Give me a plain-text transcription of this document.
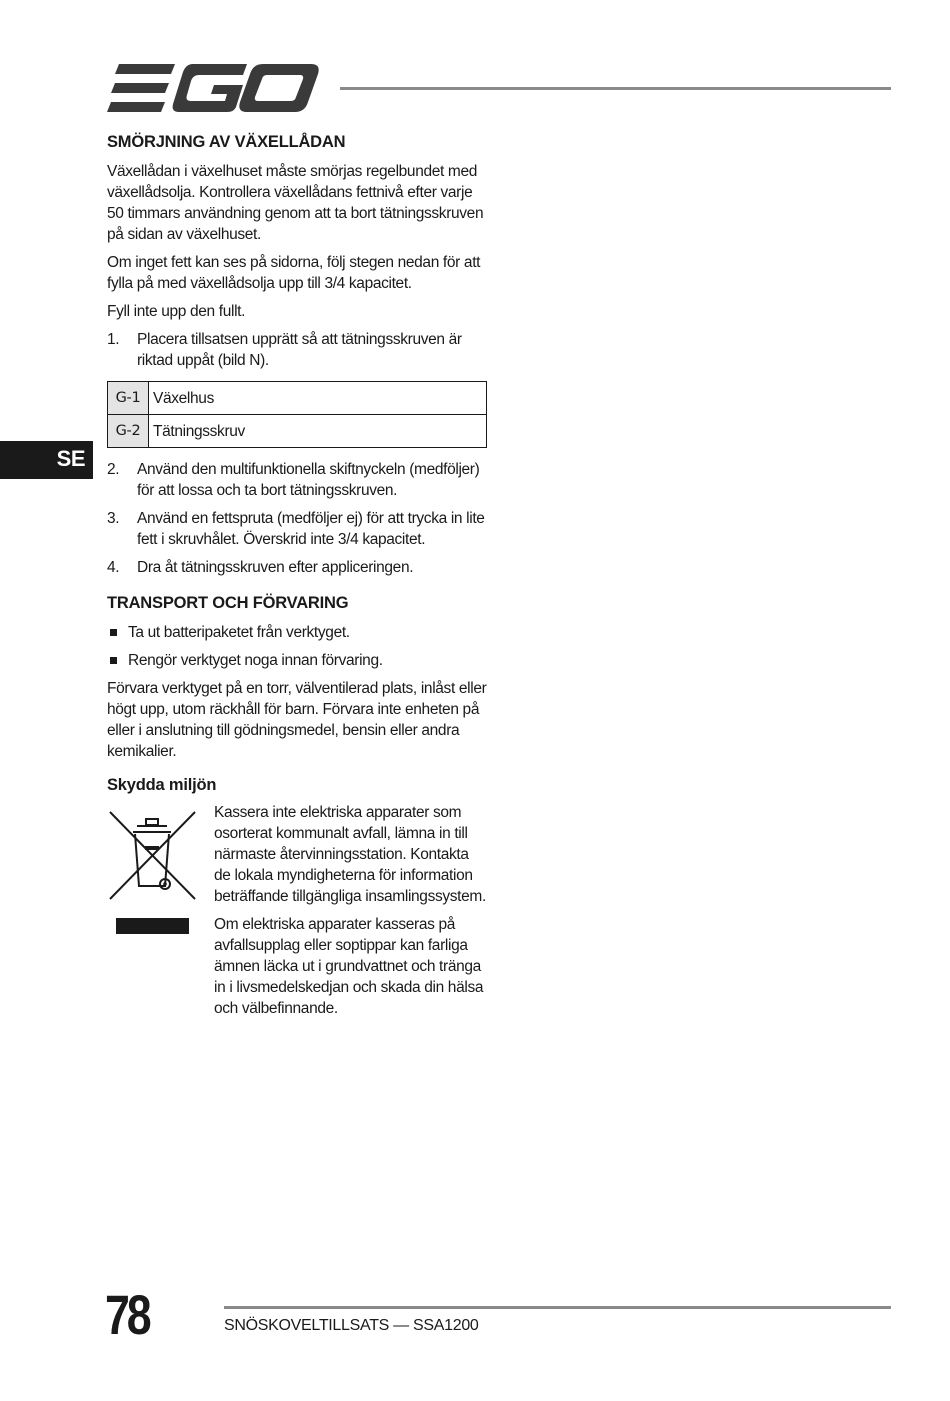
SE
SMÖRJNING AV VÄXELLÅDAN

Växellådan i växelhuset måste smörjas regelbundet med växellådsolja. Kontrollera växellådans fettnivå efter varje 50 timmars användning genom att ta bort tätningsskruven på sidan av växelhuset.

Om inget fett kan ses på sidorna, följ stegen nedan för att fylla på med växellådsolja upp till 3/4 kapacitet.

Fyll inte upp den fullt.

1.	Placera tillsatsen upprätt så att tätningsskruven är riktad uppåt (bild N).
G-1	Växelhus
G-2	Tätningsskruv
2.	Använd den multifunktionella skiftnyckeln (medföljer) för att lossa och ta bort tätningsskruven.
3.	Använd en fettspruta (medföljer ej) för att trycka in lite fett i skruvhålet. Överskrid inte 3/4 kapacitet.
4.	Dra åt tätningsskruven efter appliceringen.
TRANSPORT OCH FÖRVARING
Ta ut batteripaketet från verktyget.
Rengör verktyget noga innan förvaring.

Förvara verktyget på en torr, välventilerad plats, inlåst eller högt upp, utom räckhåll för barn. Förvara inte enheten på eller i anslutning till gödningsmedel, bensin eller andra kemikalier.

Skydda miljön

Kassera inte elektriska apparater som osorterat kommunalt avfall, lämna in till närmaste återvinningsstation. Kontakta de lokala myndigheterna för information beträffande tillgängliga insamlingssystem.

Om elektriska apparater kasseras på avfallsupplag eller soptippar kan farliga ämnen läcka ut i grundvattnet och tränga in i livsmedelskedjan och skada din hälsa och välbefinnande.

78	SNÖSKOVELTILLSATS — SSA1200
